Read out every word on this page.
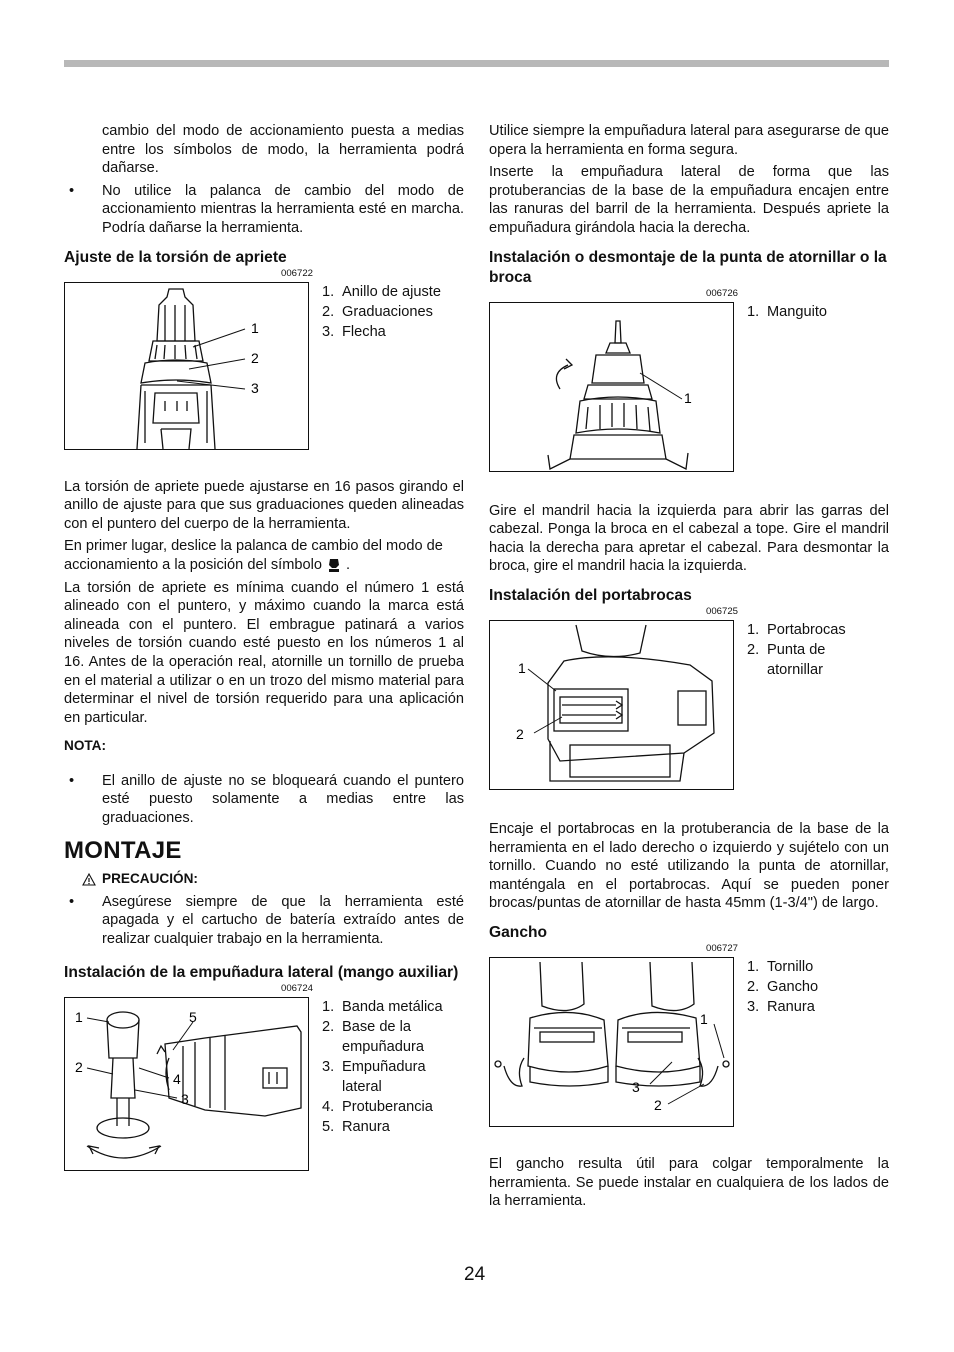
cambio del modo de accionamiento puesta a medias entre los símbolos de modo, la herramienta podrá dañarse.

• No utilice la palanca de cambio del modo de accionamiento mientras la herramienta esté en marcha. Podría dañarse la herramienta.
Ajuste de la torsión de apriete
006722
1
2
3
1. Anillo de ajuste
2. Graduaciones
3. Flecha

La torsión de apriete puede ajustarse en 16 pasos girando el anillo de ajuste para que sus graduaciones queden alineadas con el puntero del cuerpo de la herramienta.

En primer lugar, deslice la palanca de cambio del modo de accionamiento a la posición del símbolo .

La torsión de apriete es mínima cuando el número 1 está alineado con el puntero, y máximo cuando la marca está alineada con el puntero. El embrague patinará a varios niveles de torsión cuando esté puesto en los números 1 al 16. Antes de la operación real, atornille un tornillo de prueba en el material a utilizar o en un trozo del mismo material para determinar el nivel de torsión requerido para una aplicación en particular.

NOTA:
• El anillo de ajuste no se bloqueará cuando el puntero esté puesto solamente a medias entre las graduaciones.
MONTAJE
PRECAUCIÓN:
• Asegúrese siempre de que la herramienta esté apagada y el cartucho de batería extraído antes de realizar cualquier trabajo en la herramienta.
Instalación de la empuñadura lateral (mango auxiliar)
006724
1	5
2
4
3
1. Banda metálica
2. Base de la empuñadura
3. Empuñadura lateral
4. Protuberancia
5. Ranura

Utilice siempre la empuñadura lateral para asegurarse de que opera la herramienta en forma segura.

Inserte la empuñadura lateral de forma que las protuberancias de la base de la empuñadura encajen entre las ranuras del barril de la herramienta. Después apriete la empuñadura girándola hacia la derecha.

Instalación o desmontaje de la punta de atornillar o la broca
006726
1
1. Manguito

Gire el mandril hacia la izquierda para abrir las garras del cabezal. Ponga la broca en el cabezal a tope. Gire el mandril hacia la derecha para apretar el cabezal. Para desmontar la broca, gire el mandril hacia la izquierda.

Instalación del portabrocas
006725
1
2
1. Portabrocas
2. Punta de atornillar

Encaje el portabrocas en la protuberancia de la base de la herramienta en el lado derecho o izquierdo y sujételo con un tornillo. Cuando no esté utilizando la punta de atornillar, manténgala en el portabrocas. Aquí se pueden poner brocas/puntas de atornillar de hasta 45mm (1-3/4") de largo.

Gancho
006727
1
3
2
1. Tornillo
2. Gancho
3. Ranura

El gancho resulta útil para colgar temporalmente la herramienta. Se puede instalar en cualquiera de los lados de la herramienta.

24
